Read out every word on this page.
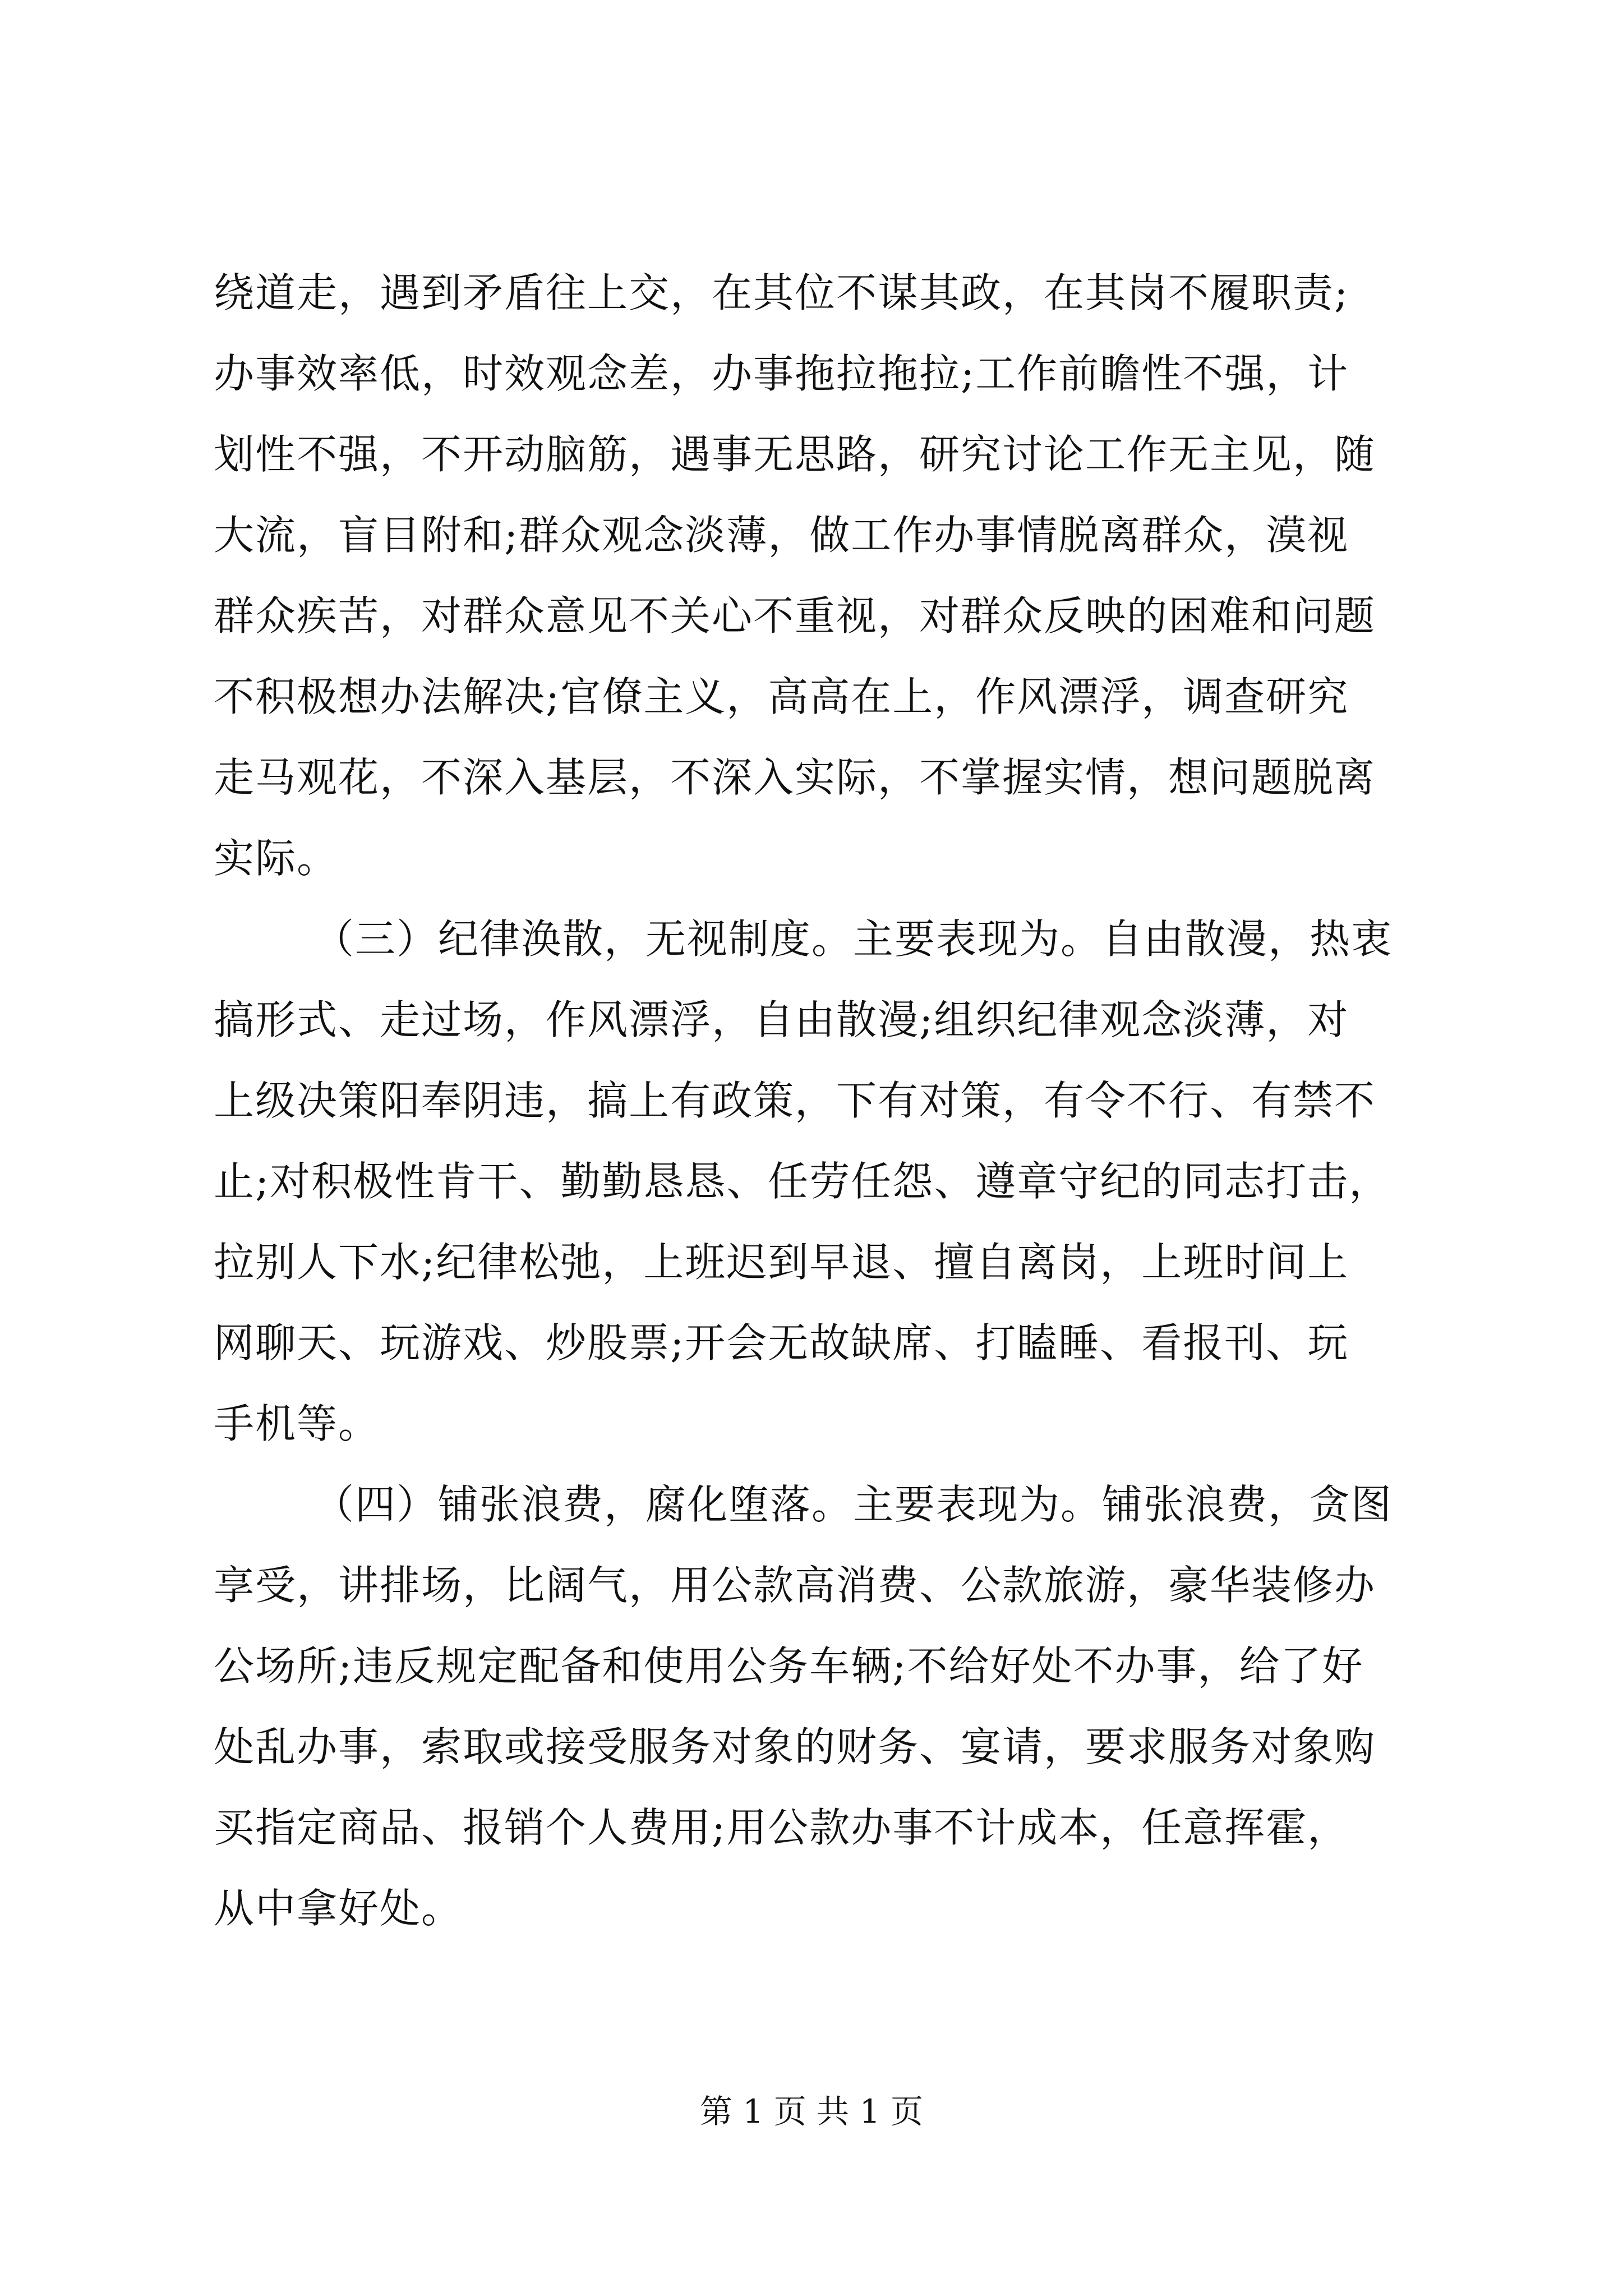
绕道走，遇到矛盾往上交，在其位不谋其政，在其岗不履职责;
办事效率低，时效观念差，办事拖拉拖拉;工作前瞻性不强，计
划性不强，不开动脑筋，遇事无思路，研究讨论工作无主见，随
大流，盲目附和;群众观念淡薄，做工作办事情脱离群众，漠视
群众疾苦，对群众意见不关心不重视，对群众反映的困难和问题
不积极想办法解决;官僚主义，高高在上，作风漂浮，调查研究
走马观花，不深入基层，不深入实际，不掌握实情，想问题脱离
实际。
（三）纪律涣散，无视制度。主要表现为。自由散漫，热衷
搞形式、走过场，作风漂浮，自由散漫;组织纪律观念淡薄，对
上级决策阳奉阴违，搞上有政策，下有对策，有令不行、有禁不
止;对积极性肯干、勤勤恳恳、任劳任怨、遵章守纪的同志打击，
拉别人下水;纪律松弛，上班迟到早退、擅自离岗，上班时间上
网聊天、玩游戏、炒股票;开会无故缺席、打瞌睡、看报刊、玩
手机等。
（四）铺张浪费，腐化堕落。主要表现为。铺张浪费，贪图
享受，讲排场，比阔气，用公款高消费、公款旅游，豪华装修办
公场所;违反规定配备和使用公务车辆;不给好处不办事，给了好
处乱办事，索取或接受服务对象的财务、宴请，要求服务对象购
买指定商品、报销个人费用;用公款办事不计成本，任意挥霍，
从中拿好处。
第 1 页 共 1 页
